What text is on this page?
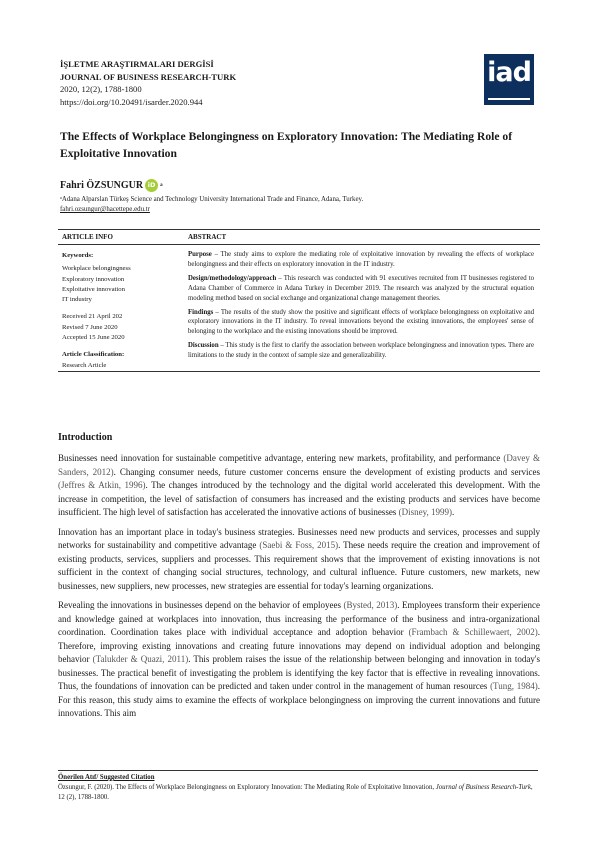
İŞLETME ARAŞTIRMALARI DERGİSİ
JOURNAL OF BUSINESS RESEARCH-TURK
2020, 12(2), 1788-1800
https://doi.org/10.20491/isarder.2020.944
iad
The Effects of Workplace Belongingness on Exploratory Innovation: The Mediating Role of Exploitative Innovation
Fahri ÖZSUNGUR iD a
ᵃAdana Alparslan Türkeş Science and Technology University International Trade and Finance, Adana, Turkey.
fahri.ozsungur@hacettepe.edu.tr
ARTICLE INFO	ABSTRACT
Keywords:
Workplace belongingness
Exploratory innovation
Exploitative innovation
IT industry
Received 21 April 202
Revised 7 June 2020
Accepted 15 June 2020
Article Classification:
Research Article

Purpose – The study aims to explore the mediating role of exploitative innovation by revealing the effects of workplace belongingness and their effects on exploratory innovation in the IT industry.

Design/methodology/approach – This research was conducted with 91 executives recruited from IT businesses registered to Adana Chamber of Commerce in Adana Turkey in December 2019. The research was analyzed by the structural equation modeling method based on social exchange and organizational change management theories.

Findings – The results of the study show the positive and significant effects of workplace belongingness on exploitative and exploratory innovations in the IT industry. To reveal innovations beyond the existing innovations, the employees' sense of belonging to the workplace and the existing innovations should be improved.

Discussion – This study is the first to clarify the association between workplace belongingness and innovation types. There are limitations to the study in the context of sample size and generalizability.

Introduction

Businesses need innovation for sustainable competitive advantage, entering new markets, profitability, and performance (Davey & Sanders, 2012). Changing consumer needs, future customer concerns ensure the development of existing products and services (Jeffres & Atkin, 1996). The changes introduced by the technology and the digital world accelerated this development. With the increase in competition, the level of satisfaction of consumers has increased and the existing products and services have become insufficient. The high level of satisfaction has accelerated the innovative actions of businesses (Disney, 1999).

Innovation has an important place in today's business strategies. Businesses need new products and services, processes and supply networks for sustainability and competitive advantage (Saebi & Foss, 2015). These needs require the creation and improvement of existing products, services, suppliers and processes. This requirement shows that the improvement of existing innovations is not sufficient in the context of changing social structures, technology, and cultural influence. Future customers, new markets, new businesses, new suppliers, new processes, new strategies are essential for today's learning organizations.

Revealing the innovations in businesses depend on the behavior of employees (Bysted, 2013). Employees transform their experience and knowledge gained at workplaces into innovation, thus increasing the performance of the business and intra-organizational coordination. Coordination takes place with individual acceptance and adoption behavior (Frambach & Schillewaert, 2002). Therefore, improving existing innovations and creating future innovations may depend on individual adoption and belonging behavior (Talukder & Quazi, 2011). This problem raises the issue of the relationship between belonging and innovation in today's businesses. The practical benefit of investigating the problem is identifying the key factor that is effective in revealing innovations. Thus, the foundations of innovation can be predicted and taken under control in the management of human resources (Tung, 1984). For this reason, this study aims to examine the effects of workplace belongingness on improving the current innovations and future innovations. This aim

Önerilen Atıf/ Suggested Citation
Özsungur, F. (2020). The Effects of Workplace Belongingness on Exploratory Innovation: The Mediating Role of Exploitative Innovation, Journal of Business Research-Turk, 12 (2), 1788-1800.
